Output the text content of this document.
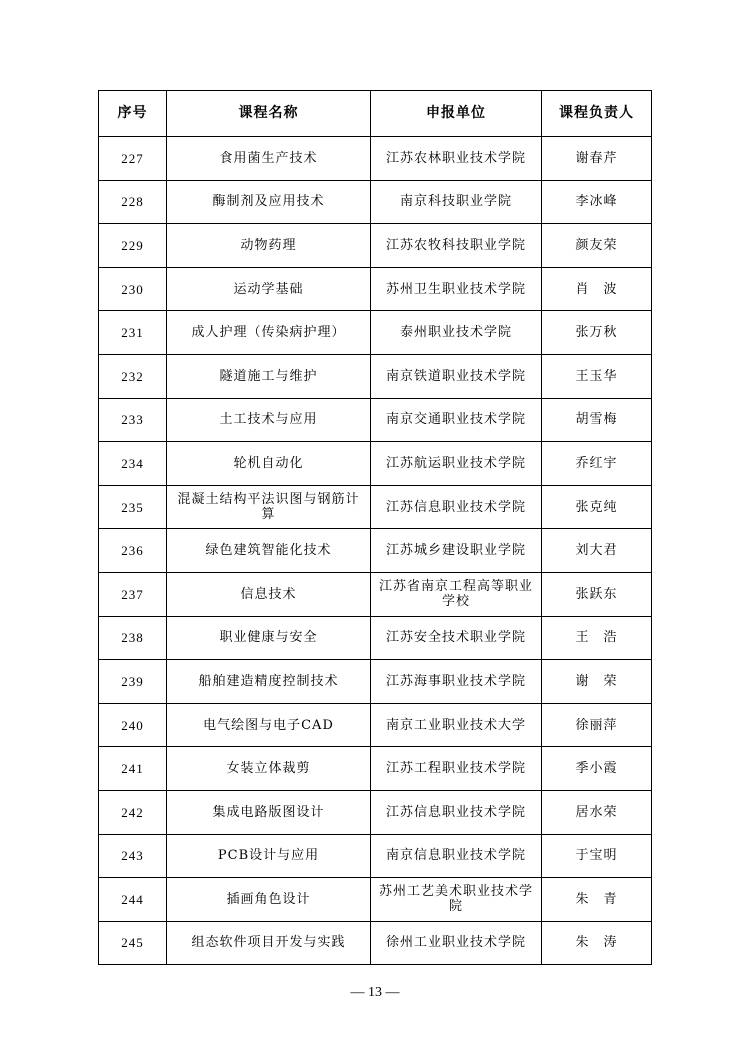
序号	课程名称	申报单位	课程负责人
227	食用菌生产技术	江苏农林职业技术学院	谢春芹
228	酶制剂及应用技术	南京科技职业学院	李冰峰
229	动物药理	江苏农牧科技职业学院	颜友荣
230	运动学基础	苏州卫生职业技术学院	肖　波
231	成人护理（传染病护理）	泰州职业技术学院	张万秋
232	隧道施工与维护	南京铁道职业技术学院	王玉华
233	土工技术与应用	南京交通职业技术学院	胡雪梅
234	轮机自动化	江苏航运职业技术学院	乔红宇
235	混凝土结构平法识图与钢筋计算	江苏信息职业技术学院	张克纯
236	绿色建筑智能化技术	江苏城乡建设职业学院	刘大君
237	信息技术	江苏省南京工程高等职业学校	张跃东
238	职业健康与安全	江苏安全技术职业学院	王　浩
239	船舶建造精度控制技术	江苏海事职业技术学院	谢　荣
240	电气绘图与电子CAD	南京工业职业技术大学	徐丽萍
241	女装立体裁剪	江苏工程职业技术学院	季小霞
242	集成电路版图设计	江苏信息职业技术学院	居水荣
243	PCB设计与应用	南京信息职业技术学院	于宝明
244	插画角色设计	苏州工艺美术职业技术学院	朱　青
245	组态软件项目开发与实践	徐州工业职业技术学院	朱　涛
— 13 —
